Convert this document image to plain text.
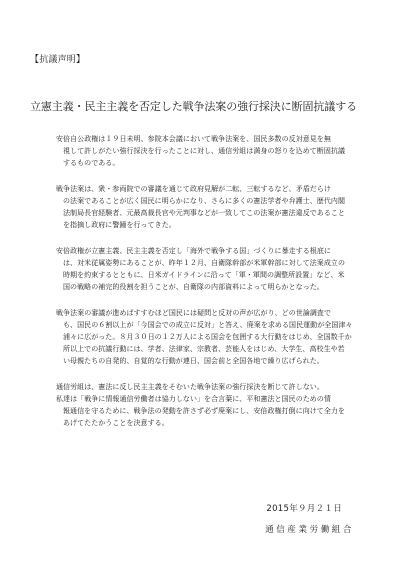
【抗議声明】
立憲主義・民主主義を否定した戦争法案の強行採決に断固抗議する
安倍自公政権は１９日未明、参院本会議において戦争法案を、国民多数の反対意見を無
視して許しがたい強行採決を行ったことに対し、通信労組は満身の怒りを込めて断固抗議
するものである。
戦争法案は、衆・参両院での審議を通じて政府見解が二転、三転するなど、矛盾だらけ
の法案であることが広く国民に明らかになり、さらに多くの憲法学者や弁護士、歴代内閣
法制局長官経験者、元最高裁長官や元判事などが一致してこの法案が憲法違反であること
を指摘し政府に警鐘を行ってきた。
安倍政権が立憲主義、民主主義を否定し「海外で戦争する国」づくりに暴走する根底に
は、対米従属姿勢にあることが、昨年１２月、自衛隊幹部が米軍幹部に対して法案成立の
時期を約束するとともに、日米ガイドラインに沿って「軍・軍間の調整所設置」など、米
国の戦略の補完的役割を担うことが、自衛隊の内部資料によって明らかとなった。
戦争法案の審議が進めばすすむほど国民には疑問と反対の声が広がり、どの世論調査で
も、国民の６割以上が「今国会での成立に反対」と答え、廃案を求める国民運動が全国津々
浦々に広がった。８月３０日の１２万人による国会を包囲する大行動をはじめ、全国数千か
所以上での抗議行動には、学者、法律家、宗教者、芸能人をはじめ、大学生、高校生や若
い母親たちの自発的、自覚的な行動が連日、国会前と全国各地で繰り広げられた。
通信労組は、憲法に反し民主主義をそむいた戦争法案の強行採決を断じて許しない。
私達は「戦争に情報通信労働者は協力しない」を合言葉に、平和憲法と国民のための情
報通信を守るために、戦争法の発動を許さず必ず廃案にし、安倍政権打倒に向けて全力を
あげてたたかうことを決意する。
2015年９月２１日
通信産業労働組合
